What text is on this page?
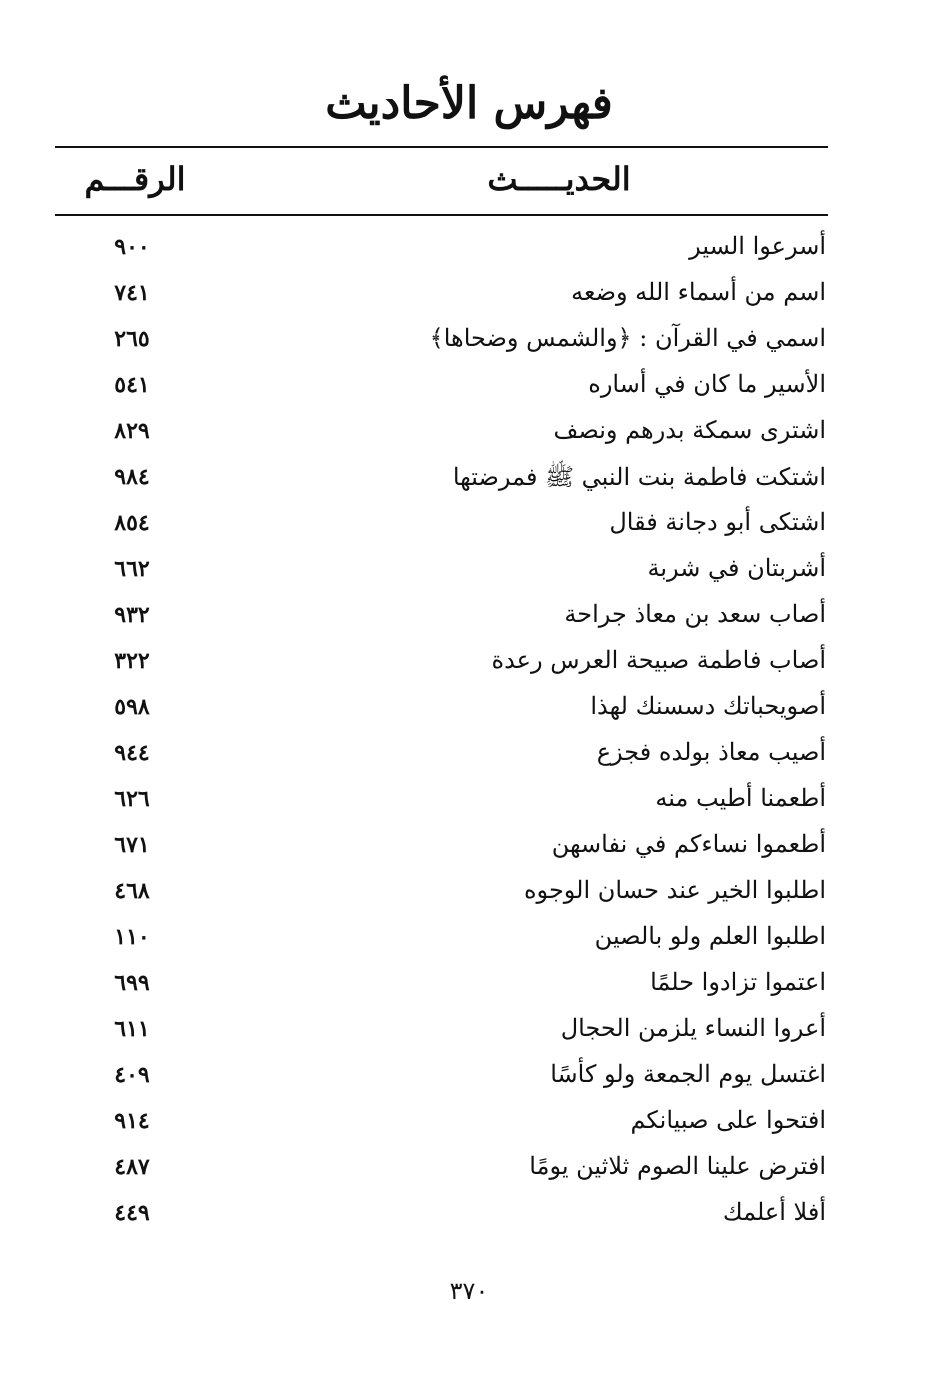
فهرس الأحاديث
الحديـــــث
الرقـــم
أسرعوا السير
٩٠٠
اسم من أسماء الله وضعه
٧٤١
اسمي في القرآن : ﴿والشمس وضحاها﴾
٢٦٥
الأسير ما كان في أساره
٥٤١
اشترى سمكة بدرهم ونصف
٨٢٩
اشتكت فاطمة بنت النبي ﷺ فمرضتها
٩٨٤
اشتكى أبو دجانة فقال
٨٥٤
أشربتان في شربة
٦٦٢
أصاب سعد بن معاذ جراحة
٩٣٢
أصاب فاطمة صبيحة العرس رعدة
٣٢٢
أصويحباتك دسسنك لهذا
٥٩٨
أصيب معاذ بولده فجزع
٩٤٤
أطعمنا أطيب منه
٦٢٦
أطعموا نساءكم في نفاسهن
٦٧١
اطلبوا الخير عند حسان الوجوه
٤٦٨
اطلبوا العلم ولو بالصين
١١٠
اعتموا تزادوا حلمًا
٦٩٩
أعروا النساء يلزمن الحجال
٦١١
اغتسل يوم الجمعة ولو كأسًا
٤٠٩
افتحوا على صبيانكم
٩١٤
افترض علينا الصوم ثلاثين يومًا
٤٨٧
أفلا أعلمك
٤٤٩
٣٧٠
